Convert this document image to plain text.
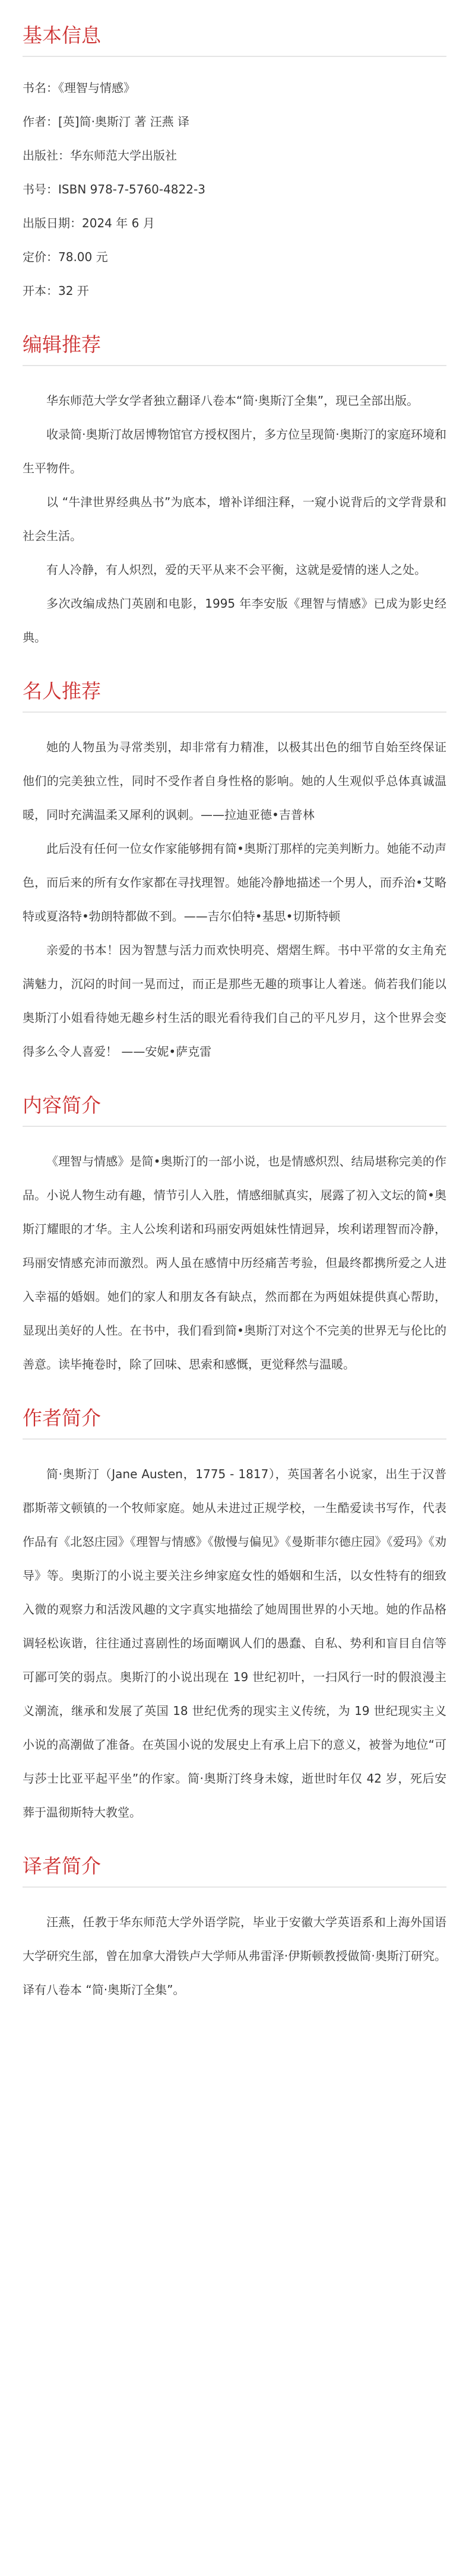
基本信息

书名：《理智与情感》

作者：[英]简·奥斯汀 著 汪燕 译

出版社：华东师范大学出版社

书号：ISBN 978-7-5760-4822-3

出版日期：2024 年 6 月

定价：78.00 元

开本：32 开

编辑推荐

华东师范大学女学者独立翻译八卷本“简·奥斯汀全集”，现已全部出版。

收录简·奥斯汀故居博物馆官方授权图片，多方位呈现简·奥斯汀的家庭环境和生平物件。

以 “牛津世界经典丛书”为底本，增补详细注释，一窥小说背后的文学背景和社会生活。

有人冷静，有人炽烈，爱的天平从来不会平衡，这就是爱情的迷人之处。

多次改编成热门英剧和电影，1995 年李安版《理智与情感》已成为影史经典。

名人推荐

她的人物虽为寻常类别，却非常有力精准，以极其出色的细节自始至终保证他们的完美独立性，同时不受作者自身性格的影响。她的人生观似乎总体真诚温暖，同时充满温柔又犀利的讽刺。——拉迪亚德•吉普林

此后没有任何一位女作家能够拥有简•奥斯汀那样的完美判断力。她能不动声色，而后来的所有女作家都在寻找理智。她能冷静地描述一个男人，而乔治•艾略特或夏洛特•勃朗特都做不到。——吉尔伯特•基思•切斯特顿

亲爱的书本！因为智慧与活力而欢快明亮、熠熠生辉。书中平常的女主角充满魅力，沉闷的时间一晃而过，而正是那些无趣的琐事让人着迷。倘若我们能以奥斯汀小姐看待她无趣乡村生活的眼光看待我们自己的平凡岁月，这个世界会变得多么令人喜爱！ ——安妮•萨克雷

内容简介

《理智与情感》是简•奥斯汀的一部小说，也是情感炽烈、结局堪称完美的作品。小说人物生动有趣，情节引人入胜，情感细腻真实，展露了初入文坛的简•奥斯汀耀眼的才华。主人公埃利诺和玛丽安两姐妹性情迥异，埃利诺理智而冷静，玛丽安情感充沛而激烈。两人虽在感情中历经痛苦考验，但最终都携所爱之人进入幸福的婚姻。她们的家人和朋友各有缺点，然而都在为两姐妹提供真心帮助，显现出美好的人性。在书中，我们看到简•奥斯汀对这个不完美的世界无与伦比的善意。读毕掩卷时，除了回味、思索和感慨，更觉释然与温暖。

作者简介

简·奥斯汀（Jane Austen，1775 - 1817），英国著名小说家，出生于汉普郡斯蒂文顿镇的一个牧师家庭。她从未进过正规学校，一生酷爱读书写作，代表作品有《北怒庄园》《理智与情感》《傲慢与偏见》《曼斯菲尔德庄园》《爱玛》《劝导》等。奥斯汀的小说主要关注乡绅家庭女性的婚姻和生活，以女性特有的细致入微的观察力和活泼风趣的文字真实地描绘了她周围世界的小天地。她的作品格调轻松诙谐，往往通过喜剧性的场面嘲讽人们的愚蠢、自私、势利和盲目自信等可鄙可笑的弱点。奥斯汀的小说出现在 19 世纪初叶，一扫风行一时的假浪漫主义潮流，继承和发展了英国 18 世纪优秀的现实主义传统，为 19 世纪现实主义小说的高潮做了准备。在英国小说的发展史上有承上启下的意义，被誉为地位“可与莎士比亚平起平坐”的作家。简·奥斯汀终身未嫁，逝世时年仅 42 岁，死后安葬于温彻斯特大教堂。

译者简介

汪燕，任教于华东师范大学外语学院，毕业于安徽大学英语系和上海外国语大学研究生部，曾在加拿大滑铁卢大学师从弗雷泽·伊斯顿教授做简·奥斯汀研究。译有八卷本 “简·奥斯汀全集”。
